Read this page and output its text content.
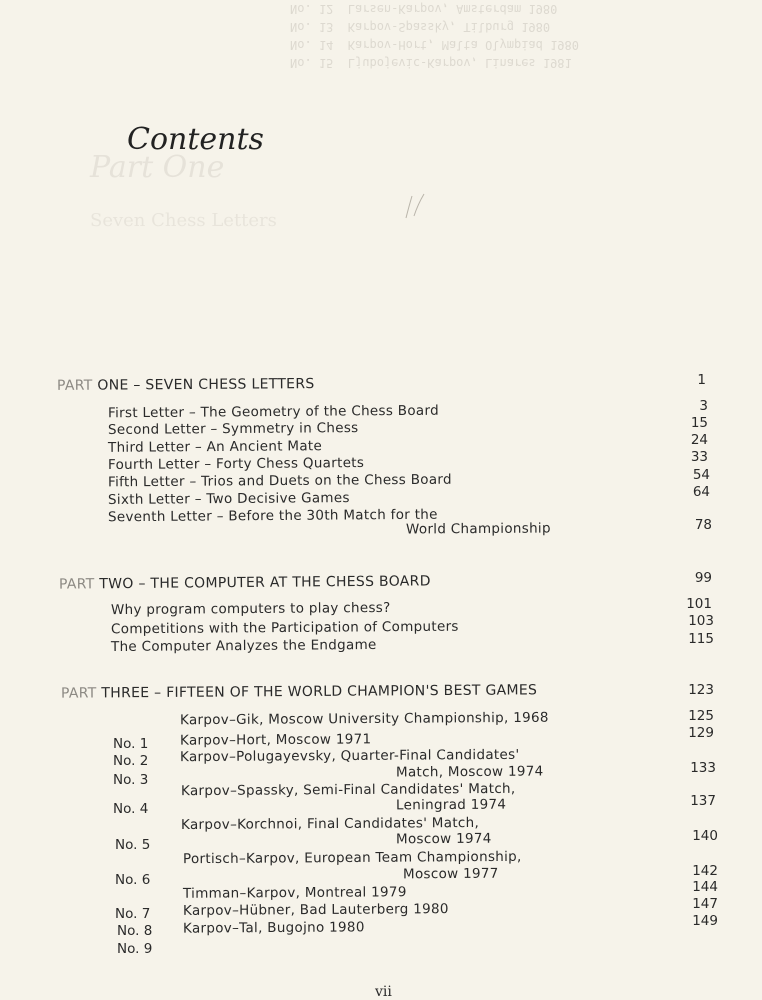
No. 12  Larsen-Karpov, Amsterdam 1980
No. 13  Karpov-Spassky, Tilburg 1980
No. 14  Karpov-Hort, Malta Olympiad 1980
No. 15  Ljubojevic-Karpov, Linares 1981
Part One
Seven Chess Letters
Contents
PART ONE – SEVEN CHESS LETTERS	1
First Letter – The Geometry of the Chess Board	3
Second Letter – Symmetry in Chess	15
Third Letter – An Ancient Mate	24
Fourth Letter – Forty Chess Quartets	33
Fifth Letter – Trios and Duets on the Chess Board	54
Sixth Letter – Two Decisive Games	64
Seventh Letter – Before the 30th Match for the
World Championship	78
PART TWO – THE COMPUTER AT THE CHESS BOARD	99
Why program computers to play chess?	101
Competitions with the Participation of Computers	103
The Computer Analyzes the Endgame	115
PART THREE – FIFTEEN OF THE WORLD CHAMPION'S BEST GAMES	123
No. 1
Karpov–Gik, Moscow University Championship, 1968	125
No. 2
Karpov–Hort, Moscow 1971	129
No. 3
Karpov–Polugayevsky, Quarter-Final Candidates'
Match, Moscow 1974	133
No. 4
Karpov–Spassky, Semi-Final Candidates' Match,
Leningrad 1974	137
No. 5
Karpov–Korchnoi, Final Candidates' Match,
Moscow 1974	140
No. 6
Portisch–Karpov, European Team Championship,
Moscow 1977	142
No. 7
Timman–Karpov, Montreal 1979	144
No. 8
Karpov–Hübner, Bad Lauterberg 1980	147
No. 9
Karpov–Tal, Bugojno 1980	149
vii
